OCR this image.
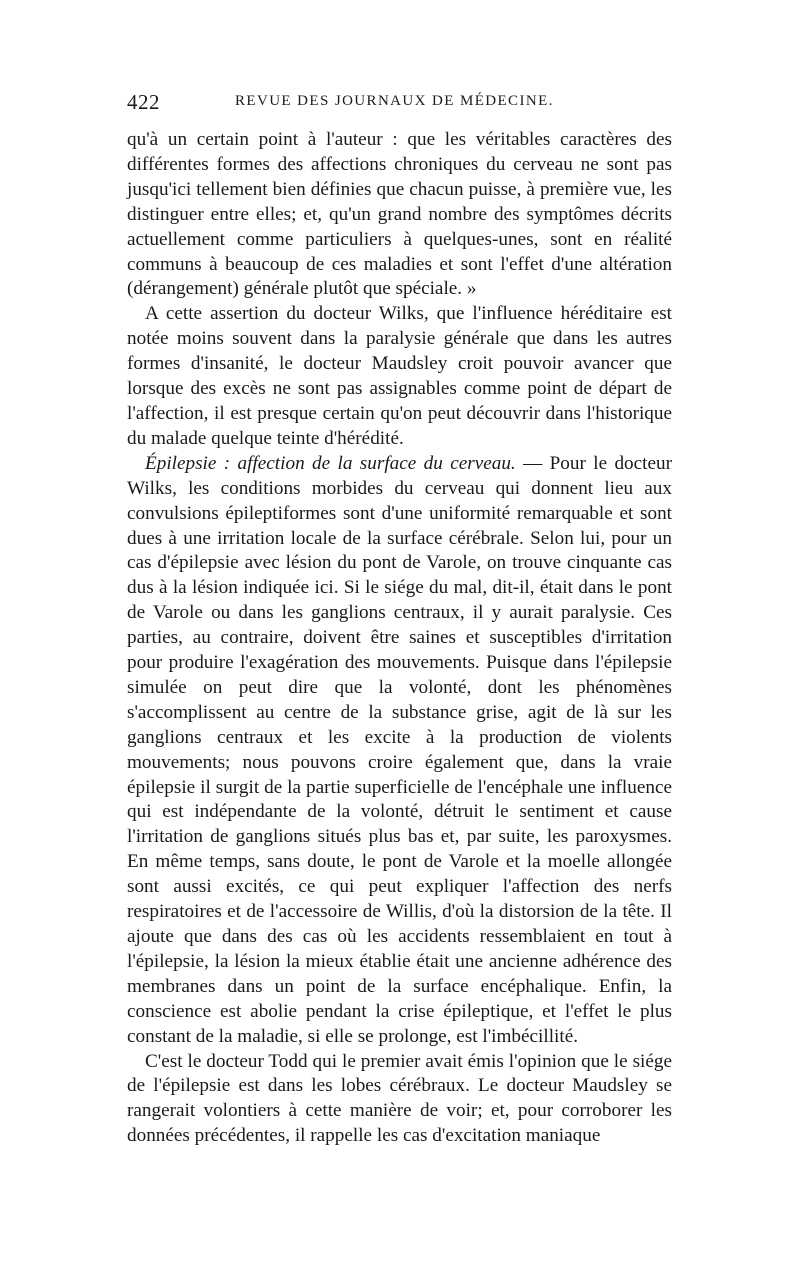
422	REVUE DES JOURNAUX DE MÉDECINE.

qu'à un certain point à l'auteur : que les véritables caractères des différentes formes des affections chroniques du cerveau ne sont pas jusqu'ici tellement bien définies que chacun puisse, à première vue, les distinguer entre elles; et, qu'un grand nombre des symptômes décrits actuellement comme particuliers à quelques-unes, sont en réalité communs à beaucoup de ces maladies et sont l'effet d'une altération (dérangement) générale plutôt que spéciale. »

A cette assertion du docteur Wilks, que l'influence héréditaire est notée moins souvent dans la paralysie générale que dans les autres formes d'insanité, le docteur Maudsley croit pouvoir avancer que lorsque des excès ne sont pas assignables comme point de départ de l'affection, il est presque certain qu'on peut découvrir dans l'historique du malade quelque teinte d'hérédité.

Épilepsie : affection de la surface du cerveau. — Pour le docteur Wilks, les conditions morbides du cerveau qui donnent lieu aux convulsions épileptiformes sont d'une uniformité remarquable et sont dues à une irritation locale de la surface cérébrale. Selon lui, pour un cas d'épilepsie avec lésion du pont de Varole, on trouve cinquante cas dus à la lésion indiquée ici. Si le siége du mal, dit-il, était dans le pont de Varole ou dans les ganglions centraux, il y aurait paralysie. Ces parties, au contraire, doivent être saines et susceptibles d'irritation pour produire l'exagération des mouvements. Puisque dans l'épilepsie simulée on peut dire que la volonté, dont les phénomènes s'accomplissent au centre de la substance grise, agit de là sur les ganglions centraux et les excite à la production de violents mouvements; nous pouvons croire également que, dans la vraie épilepsie il surgit de la partie superficielle de l'encéphale une influence qui est indépendante de la volonté, détruit le sentiment et cause l'irritation de ganglions situés plus bas et, par suite, les paroxysmes. En même temps, sans doute, le pont de Varole et la moelle allongée sont aussi excités, ce qui peut expliquer l'affection des nerfs respiratoires et de l'accessoire de Willis, d'où la distorsion de la tête. Il ajoute que dans des cas où les accidents ressemblaient en tout à l'épilepsie, la lésion la mieux établie était une ancienne adhérence des membranes dans un point de la surface encéphalique. Enfin, la conscience est abolie pendant la crise épileptique, et l'effet le plus constant de la maladie, si elle se prolonge, est l'imbécillité.

C'est le docteur Todd qui le premier avait émis l'opinion que le siége de l'épilepsie est dans les lobes cérébraux. Le docteur Maudsley se rangerait volontiers à cette manière de voir; et, pour corroborer les données précédentes, il rappelle les cas d'excitation maniaque
